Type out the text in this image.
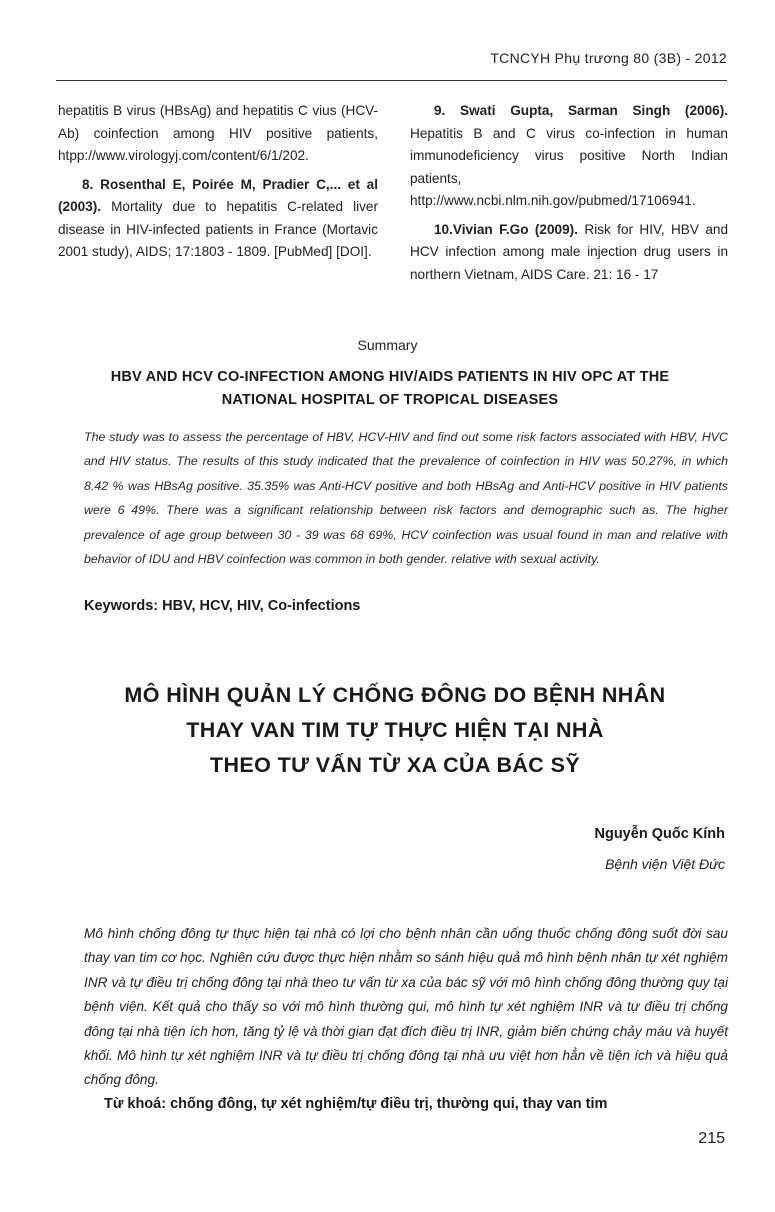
TCNCYH Phụ trương 80 (3B) - 2012

hepatitis B virus (HBsAg) and hepatitis C vius (HCV-Ab) coinfection among HIV positive patients, htpp://www.virologyj.com/content/6/1/202.

8. Rosenthal E, Poirée M, Pradier C,... et al (2003). Mortality due to hepatitis C-related liver disease in HIV-infected patients in France (Mortavic 2001 study), AIDS; 17:1803 - 1809. [PubMed] [DOI].

9. Swati Gupta, Sarman Singh (2006). Hepatitis B and C virus co-infection in human immunodeficiency virus positive North Indian patients, http://www.ncbi.nlm.nih.gov/pubmed/17106941.

10.Vivian F.Go (2009). Risk for HIV, HBV and HCV infection among male injection drug users in northern Vietnam, AIDS Care. 21: 16 - 17

Summary
HBV AND HCV CO-INFECTION AMONG HIV/AIDS PATIENTS IN HIV OPC AT THE NATIONAL HOSPITAL OF TROPICAL DISEASES

The study was to assess the percentage of HBV, HCV-HIV and find out some risk factors associated with HBV, HVC and HIV status. The results of this study indicated that the prevalence of coinfection in HIV was 50.27%, in which 8.42 % was HBsAg positive. 35.35% was Anti-HCV positive and both HBsAg and Anti-HCV positive in HIV patients were 6 49%. There was a significant relationship between risk factors and demographic such as. The higher prevalence of age group between 30 - 39 was 68 69%, HCV coinfection was usual found in man and relative with behavior of IDU and HBV coinfection was common in both gender. relative with sexual activity.

Keywords: HBV, HCV, HIV, Co-infections
MÔ HÌNH QUẢN LÝ CHỐNG ĐÔNG DO BỆNH NHÂN
THAY VAN TIM TỰ THỰC HIỆN TẠI NHÀ
THEO TƯ VẤN TỪ XA CỦA BÁC SỸ
Nguyễn Quốc Kính
Bệnh viện Việt Đức

Mô hình chống đông tự thực hiện tại nhà có lợi cho bệnh nhân cần uống thuốc chống đông suốt đời sau thay van tim cơ học. Nghiên cứu được thực hiện nhằm so sánh hiệu quả mô hình bệnh nhân tự xét nghiệm INR và tự điều trị chống đông tại nhà theo tư vấn từ xa của bác sỹ với mô hình chống đông thường quy tại bệnh viện. Kết quả cho thấy so với mô hình thường qui, mô hình tự xét nghiệm INR và tự điều trị chống đông tại nhà tiện ích hơn, tăng tỷ lệ và thời gian đạt đích điều trị INR, giảm biến chứng chảy máu và huyết khối. Mô hình tự xét nghiệm INR và tự điều trị chống đông tại nhà ưu việt hơn hẳn về tiện ích và hiệu quả chống đông.

Từ khoá: chống đông, tự xét nghiệm/tự điều trị, thường qui, thay van tim
215
